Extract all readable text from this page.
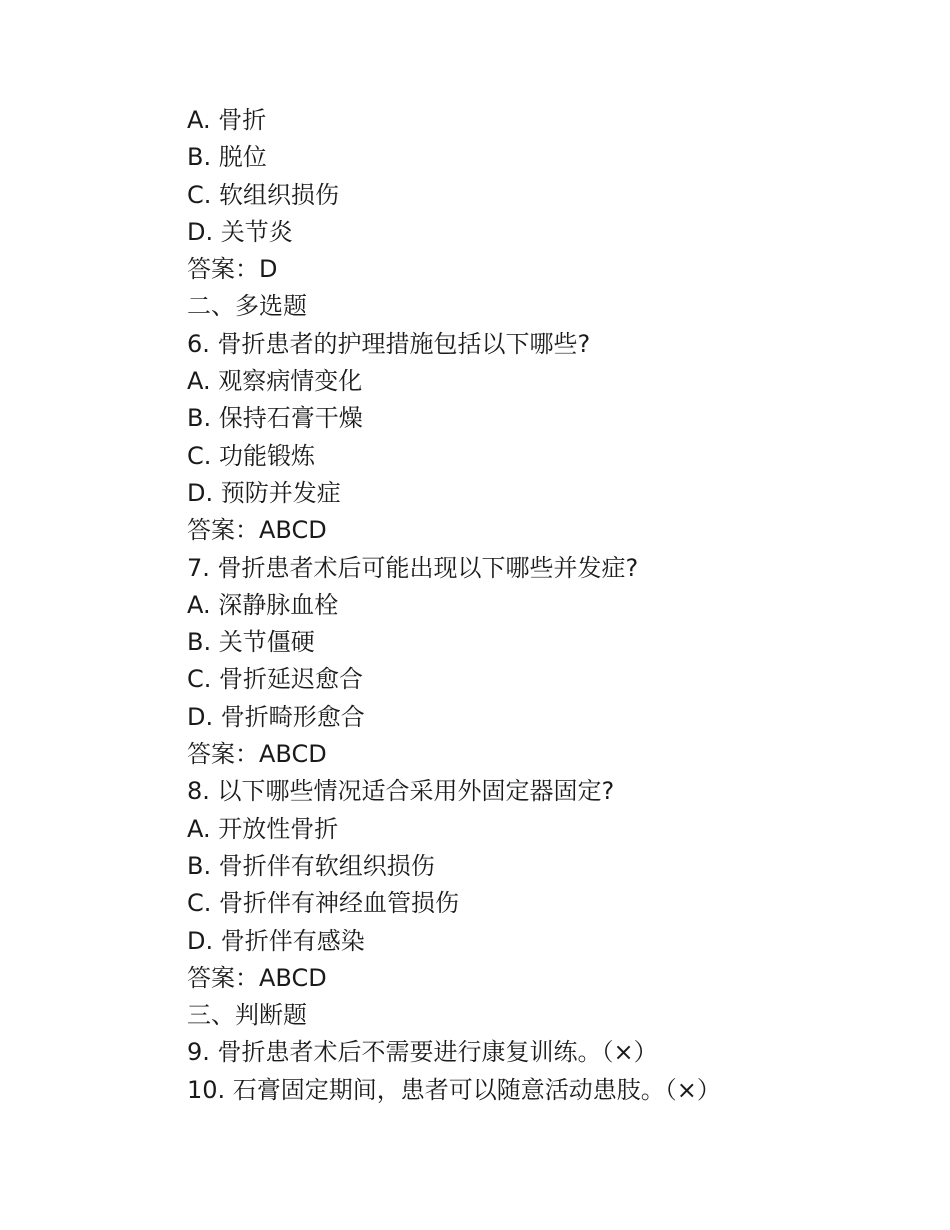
A. 骨折
B. 脱位
C. 软组织损伤
D. 关节炎
答案：D
二、多选题
6. 骨折患者的护理措施包括以下哪些?
A. 观察病情变化
B. 保持石膏干燥
C. 功能锻炼
D. 预防并发症
答案：ABCD
7. 骨折患者术后可能出现以下哪些并发症?
A. 深静脉血栓
B. 关节僵硬
C. 骨折延迟愈合
D. 骨折畸形愈合
答案：ABCD
8. 以下哪些情况适合采用外固定器固定?
A. 开放性骨折
B. 骨折伴有软组织损伤
C. 骨折伴有神经血管损伤
D. 骨折伴有感染
答案：ABCD
三、判断题
9. 骨折患者术后不需要进行康复训练。（×）
10. 石膏固定期间，患者可以随意活动患肢。（×）
